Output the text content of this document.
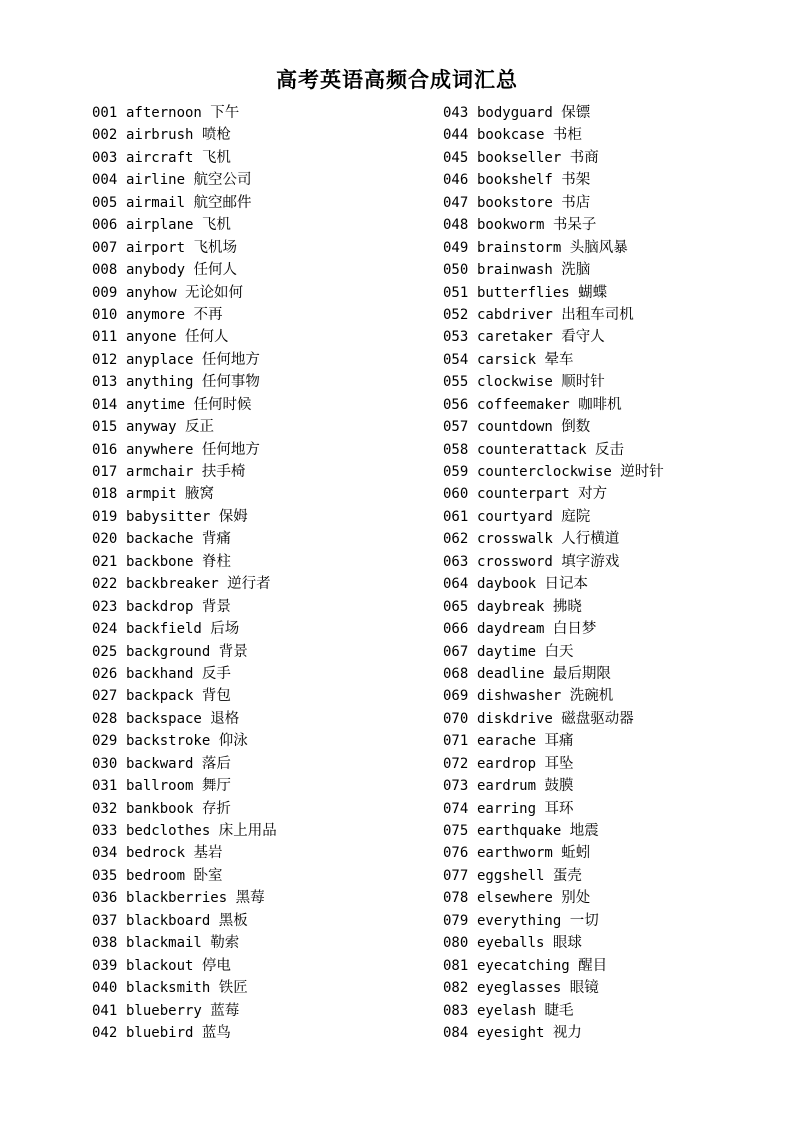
高考英语高频合成词汇总
001 afternoon 下午
002 airbrush 喷枪
003 aircraft 飞机
004 airline 航空公司
005 airmail 航空邮件
006 airplane 飞机
007 airport 飞机场
008 anybody 任何人
009 anyhow 无论如何
010 anymore 不再
011 anyone 任何人
012 anyplace 任何地方
013 anything 任何事物
014 anytime 任何时候
015 anyway 反正
016 anywhere 任何地方
017 armchair 扶手椅
018 armpit 腋窝
019 babysitter 保姆
020 backache 背痛
021 backbone 脊柱
022 backbreaker 逆行者
023 backdrop 背景
024 backfield 后场
025 background 背景
026 backhand 反手
027 backpack 背包
028 backspace 退格
029 backstroke 仰泳
030 backward 落后
031 ballroom 舞厅
032 bankbook 存折
033 bedclothes 床上用品
034 bedrock 基岩
035 bedroom 卧室
036 blackberries 黑莓
037 blackboard 黑板
038 blackmail 勒索
039 blackout 停电
040 blacksmith 铁匠
041 blueberry 蓝莓
042 bluebird 蓝鸟
043 bodyguard 保镖
044 bookcase 书柜
045 bookseller 书商
046 bookshelf 书架
047 bookstore 书店
048 bookworm 书呆子
049 brainstorm 头脑风暴
050 brainwash 洗脑
051 butterflies 蝴蝶
052 cabdriver 出租车司机
053 caretaker 看守人
054 carsick 晕车
055 clockwise 顺时针
056 coffeemaker 咖啡机
057 countdown 倒数
058 counterattack 反击
059 counterclockwise 逆时针
060 counterpart 对方
061 courtyard 庭院
062 crosswalk 人行横道
063 crossword 填字游戏
064 daybook 日记本
065 daybreak 拂晓
066 daydream 白日梦
067 daytime 白天
068 deadline 最后期限
069 dishwasher 洗碗机
070 diskdrive 磁盘驱动器
071 earache 耳痛
072 eardrop 耳坠
073 eardrum 鼓膜
074 earring 耳环
075 earthquake 地震
076 earthworm 蚯蚓
077 eggshell 蛋壳
078 elsewhere 别处
079 everything 一切
080 eyeballs 眼球
081 eyecatching 醒目
082 eyeglasses 眼镜
083 eyelash 睫毛
084 eyesight 视力
